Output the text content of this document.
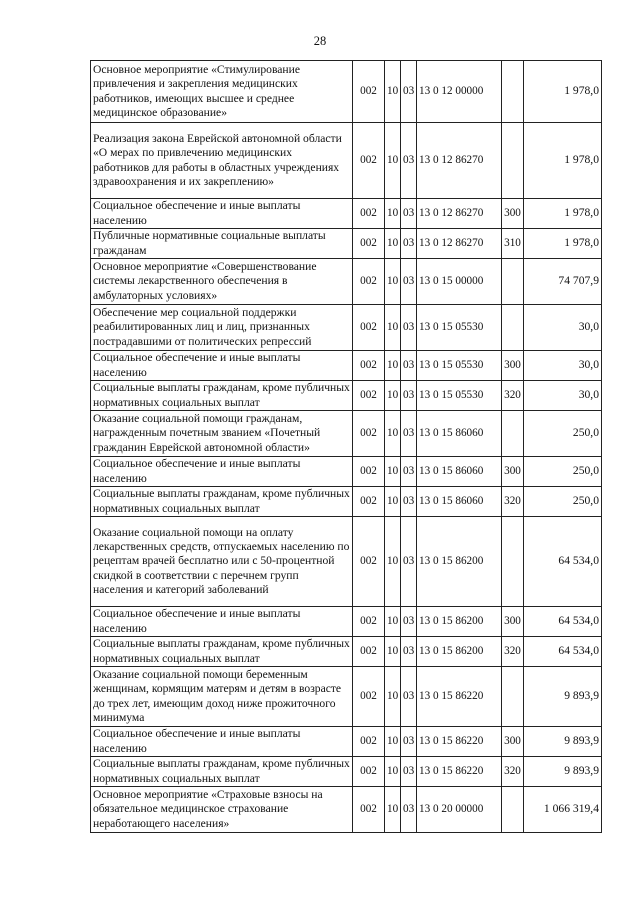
28
Основное мероприятие «Стимулирование привлечения и закрепления медицинских работников, имеющих высшее и среднее медицинское образование»	002	10	03	13 0 12 00000		1 978,0
Реализация закона Еврейской автономной области «О мерах по привлечению медицинских работников для работы в областных учреждениях здравоохранения и их закреплению»	002	10	03	13 0 12 86270		1 978,0
Социальное обеспечение и иные выплаты населению	002	10	03	13 0 12 86270	300	1 978,0
Публичные нормативные социальные выплаты гражданам	002	10	03	13 0 12 86270	310	1 978,0
Основное мероприятие «Совершенствование системы лекарственного обеспечения в амбулаторных условиях»	002	10	03	13 0 15 00000		74 707,9
Обеспечение мер социальной поддержки реабилитированных лиц и лиц, признанных пострадавшими от политических репрессий	002	10	03	13 0 15 05530		30,0
Социальное обеспечение и иные выплаты населению	002	10	03	13 0 15 05530	300	30,0
Социальные выплаты гражданам, кроме публичных нормативных социальных выплат	002	10	03	13 0 15 05530	320	30,0
Оказание социальной помощи гражданам, награжденным почетным званием «Почетный гражданин Еврейской автономной области»	002	10	03	13 0 15 86060		250,0
Социальное обеспечение и иные выплаты населению	002	10	03	13 0 15 86060	300	250,0
Социальные выплаты гражданам, кроме публичных нормативных социальных выплат	002	10	03	13 0 15 86060	320	250,0
Оказание социальной помощи на оплату лекарственных средств, отпускаемых населению по рецептам врачей бесплатно или с 50-процентной скидкой в соответствии с перечнем групп населения и категорий заболеваний	002	10	03	13 0 15 86200		64 534,0
Социальное обеспечение и иные выплаты населению	002	10	03	13 0 15 86200	300	64 534,0
Социальные выплаты гражданам, кроме публичных нормативных социальных выплат	002	10	03	13 0 15 86200	320	64 534,0
Оказание социальной помощи беременным женщинам, кормящим матерям и детям в возрасте до трех лет, имеющим доход ниже прожиточного минимума	002	10	03	13 0 15 86220		9 893,9
Социальное обеспечение и иные выплаты населению	002	10	03	13 0 15 86220	300	9 893,9
Социальные выплаты гражданам, кроме публичных нормативных социальных выплат	002	10	03	13 0 15 86220	320	9 893,9
Основное мероприятие «Страховые взносы на обязательное медицинское страхование неработающего населения»	002	10	03	13 0 20 00000		1 066 319,4
